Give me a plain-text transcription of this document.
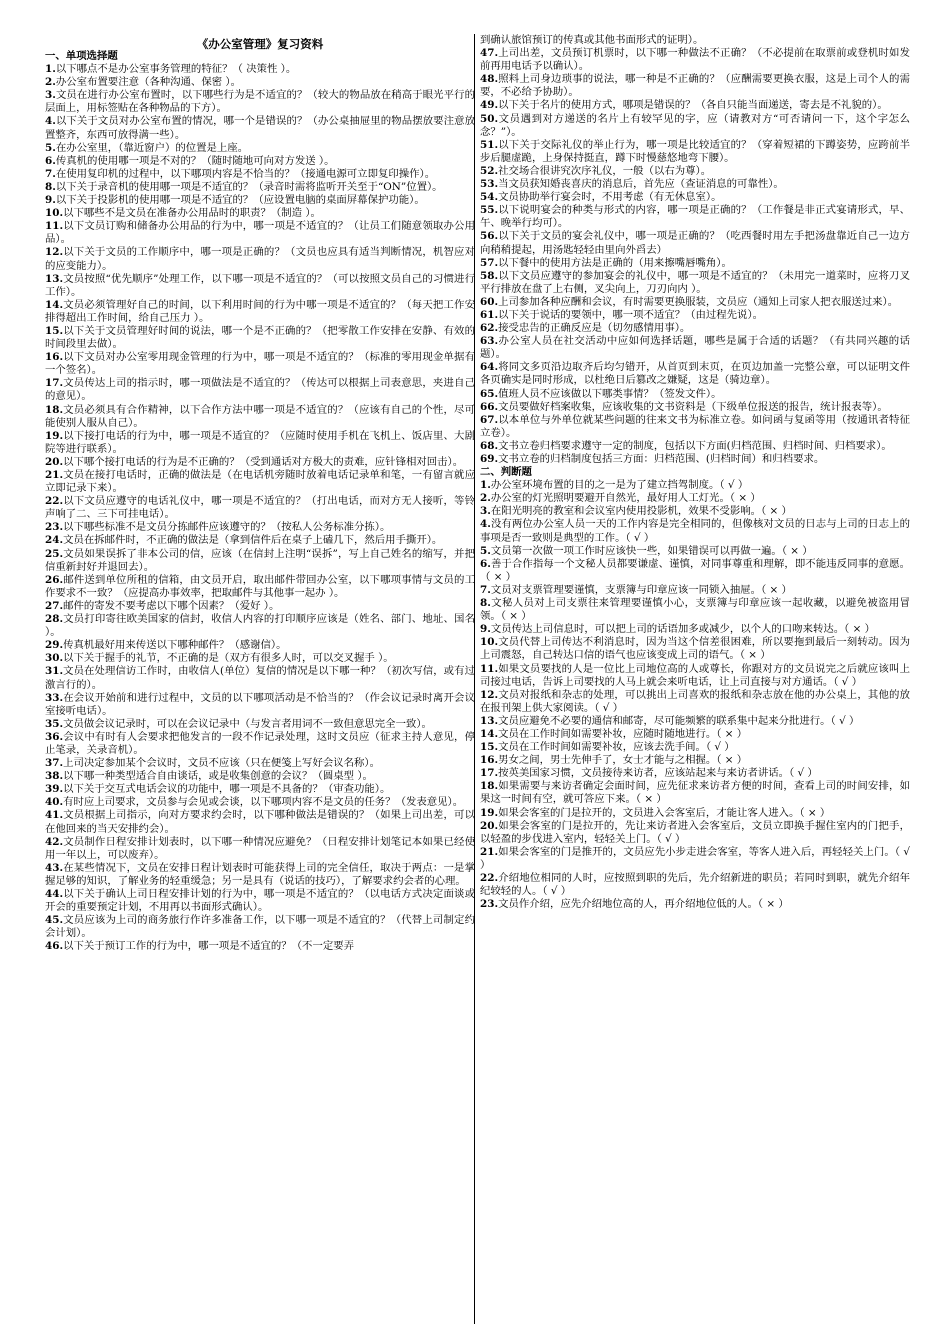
《办公室管理》复习资料

一、单项选择题

1.以下哪点不是办公室事务管理的特征？（ 决策性 ）。

2.办公室布置要注意（各种沟通、保密 ）。

3.文员在进行办公室布置时，以下哪些行为是不适宜的？（较大的物品放在稍高于眼光平行的层面上，用标签贴在各种物品的下方）。

4.以下关于文员对办公室布置的情况，哪一个是错误的？（办公桌抽屉里的物品摆放要注意放置整齐，东西可放得满一些）。

5.在办公室里，（靠近窗户）的位置是上座。

6.传真机的使用哪一项是不对的？（随时随地可向对方发送 ）。

7.在使用复印机的过程中，以下哪项内容是不恰当的？（接通电源可立即复印操作）。

8.以下关于录音机的使用哪一项是不适宜的？（录音时需将监听开关至于“ON”位置）。

9.以下关于投影机的使用哪一项是不适宜的？（应设置电脑的桌面屏幕保护功能）。

10.以下哪些不是文员在准备办公用品时的职责？（制造 ）。

11.以下文员订购和储备办公用品的行为中，哪一项是不适宜的？（让员工们随意领取办公用品）。

12.以下关于文员的工作顺序中，哪一项是正确的？（文员也应具有适当判断情况，机智应对的应变能力）。

13.文员按照“优先顺序”处理工作，以下哪一项是不适宜的？（可以按照文员自己的习惯进行工作）。

14.文员必须管理好自己的时间，以下利用时间的行为中哪一项是不适宜的？（每天把工作安排得超出工作时间，给自己压力 ）。

15.以下关于文员管理好时间的说法，哪一个是不正确的？（把零散工作安排在安静、有效的时间段里去做）。

16.以下文员对办公室零用现金管理的行为中，哪一项是不适宜的？（标准的零用现金单据有一个签名）。

17.文员传达上司的指示时，哪一项做法是不适宜的？（传达可以根据上司表意思，夹进自己的意见）。

18.文员必须具有合作精神，以下合作方法中哪一项是不适宜的？（应该有自己的个性，尽可能使别人服从自己）。

19.以下接打电话的行为中，哪一项是不适宜的？（应随时使用手机在飞机上、饭店里、大剧院等进行联系）。

20.以下哪个接打电话的行为是不正确的？（受到通话对方极大的责难，应针锋相对回击）。

21.文员在接打电话时，正确的做法是（在电话机旁随时放着电话记录单和笔，一有留言就应立即记录下来）。

22.以下文员应遵守的电话礼仪中，哪一项是不适宜的？（打出电话，而对方无人接听，等铃声响了二、三下可挂电话）。

23.以下哪些标准不是文员分拣邮件应该遵守的？（按私人公务标准分拣）。

24.文员在拆邮件时，不正确的做法是（拿到信件后在桌子上磕几下，然后用手撕开）。

25.文员如果误拆了非本公司的信，应该（在信封上注明“误拆”，写上自己姓名的缩写，并把信重新封好并退回去）。

26.邮件送到单位所租的信箱，由文员开启，取出邮件带回办公室，以下哪项事情与文员的工作要求不一致？（应提高办事效率，把取邮件与其他事一起办 ）。

27.邮件的寄发不要考虑以下哪个因素？（爱好 ）。

28.文员打印寄往欧美国家的信封，收信人内容的打印顺序应该是（姓名、部门、地址、国名 ）。

29.传真机最好用来传送以下哪种邮件？（感谢信）。

30.以下关于握手的礼节，不正确的是（双方有很多人时，可以交叉握手 ）。

31.文员在处理信访工作时，由收信人(单位）复信的情况是以下哪一种？（初次写信，或有过激言行的）。

33.在会议开始前和进行过程中，文员的以下哪项活动是不恰当的？（作会议记录时离开会议室接听电话）。

35.文员做会议记录时，可以在会议记录中（与发言者用词不一致但意思完全一致）。

36.会议中有时有人会要求把他发言的一段不作记录处理，这时文员应（征求主持人意见，停止笔录，关录音机）。

37.上司决定参加某个会议时，文员不应该（只在便笺上写好会议名称）。

38.以下哪一种类型适合自由谈话，或是收集创意的会议？（圆桌型 ）。

39.以下关于交互式电话会议的功能中，哪一项是不具备的？（审查功能）。

40.有时应上司要求，文员参与会见或会谈，以下哪项内容不是文员的任务？（发表意见）。

41.文员根据上司指示，向对方要求约会时，以下哪种做法是错误的？（如果上司出差，可以在他回来的当天安排约会）。

42.文员制作日程安排计划表时，以下哪一种情况应避免？（日程安排计划笔记本如果已经使用一年以上，可以废弃）。

43.在某些情况下，文员在安排日程计划表时可能获得上司的完全信任，取决于两点：一是掌握足够的知识，了解业务的轻重缓急；另一是具有（说话的技巧），了解要求约会者的心理。

44.以下关于确认上司日程安排计划的行为中，哪一项是不适宜的？（以电话方式决定面谈或开会的重要预定计划，不用再以书面形式确认）。

45.文员应该为上司的商务旅行作许多准备工作，以下哪一项是不适宜的？（代替上司制定约会计划）。

46.以下关于预订工作的行为中，哪一项是不适宜的？（不一定要弄

到确认旅馆预订的传真或其他书面形式的证明）。

47.上司出差，文员预订机票时，以下哪一种做法不正确？（不必提前在取票前或登机时如发前再用电话予以确认）。

48.照料上司身边琐事的说法，哪一种是不正确的？（应酬需要更换衣服，这是上司个人的需要，不必给予协助）。

49.以下关于名片的使用方式，哪项是错误的？（各自只能当面递送，寄去是不礼貌的）。

50.文员遇到对方递送的名片上有较罕见的字，应（请教对方“可否请问一下，这个字怎么念？”）。

51.以下关于交际礼仪的举止行为，哪一项是比较适宜的？（穿着短裙的下蹲姿势，应跨前半步后腿虚跪，上身保持挺直，蹲下时慢慈悠地弯下腰）。

52.社交场合很讲究次序礼仪，一般（以右为尊）。

53.当文员获知婚丧喜庆的消息后，首先应（查证消息的可靠性）。

54.文员协助举行宴会时，不用考虑（有无休息室）。

55.以下说明宴会的种类与形式的内容，哪一项是正确的？（工作餐是非正式宴请形式，早、午、晚举行均可）。

56.以下关于文员的宴会礼仪中，哪一项是正确的？（吃西餐时用左手把汤盘靠近自己一边方向稍稍提起，用汤匙轻轻由里向外舀去）

57.以下餐中的使用方法是正确的（用来擦嘴唇嘴角）。

58.以下文员应遵守的参加宴会的礼仪中，哪一项是不适宜的？（未用完一道菜时，应将刀叉平行排放在盘了上右侧，叉尖向上，刀刃向内 ）。

60.上司参加各种应酬和会议，有时需要更换服装，文员应（通知上司家人把衣服送过来）。

61.以下关于说话的要领中，哪一项不适宜？（由过程先说）。

62.接受忠告的正确反应是（切勿感情用事）。

63.办公室人员在社交活动中应如何选择话题，哪些是属于合适的话题？（有共同兴趣的话题）。

64.将同文多页沿边取齐后均匀错开，从首页到末页，在页边加盖一完整公章，可以证明文件各页确实是同时形成，以杜绝日后篡改之嫌疑，这是（骑边章）。

65.值班人员不应该做以下哪类事情？（签发文件）。

66.文员要做好档案收集，应该收集的文书资料是（下级单位报送的报告，统计报表等）。

67.以本单位与外单位就某些问题的往来文书为标准立卷。如问函与复函等用（按通讯者特征立卷）。

68.文书立卷归档要求遵守一定的制度，包括以下方面(归档范围、归档时间、归档要求）。

69.文书立卷的归档制度包括三方面：归档范围、(归档时间）和归档要求。

二、判断题

1.办公室环境布置的目的之一是为了建立挡驾制度。（ √ ）

2.办公室的灯光照明要避开自然光，最好用人工灯光。（ × ）

3.在阳光明亮的教室和会议室内使用投影机，效果不受影响。（ × ）

4.没有两位办公室人员一天的工作内容是完全相同的，但像核对文员的日志与上司的日志上的事项是否一致则是典型的工作。（ √ ）

5.文员第一次做一项工作时应该快一些，如果错误可以再做一遍。（ × ）

6.善于合作指每一个文秘人员都要谦虚、谨慎，对同事尊重和理解，即不能违反同事的意愿。（ × ）

7.文员对支票管理要谨慎，支票簿与印章应该一同锁入抽屉。（ × ）

8.文秘人员对上司支票往来管理要谨慎小心，支票簿与印章应该一起收藏，以避免被盗用冒领。（ × ）

9.文员传达上司信息时，可以把上司的话语加多或减少，以个人的口吻来转达。（ × ）

10.文员代替上司传达不利消息时，因为当这个信差很困难，所以要拖到最后一刻转动。因为上司震怒，自己转达口信的语气也应该变成上司的语气。（ × ）

11.如果文员要找的人是一位比上司地位高的人或尊长，你跟对方的文员说完之后就应该叫上司接过电话，告诉上司要找的人马上就会来听电话，让上司直接与对方通话。（ √ ）

12.文员对报纸和杂志的处理，可以挑出上司喜欢的报纸和杂志放在他的办公桌上，其他的放在报刊架上供大家阅读。（ √ ）

13.文员应避免不必要的通信和邮寄，尽可能频繁的联系集中起来分批进行。（ √ ）

14.文员在工作时间如需要补妆，应随时随地进行。（ × ）

15.文员在工作时间如需要补妆，应该去洗手间。（ √ ）

16.男女之间，男士先伸手了，女士才能与之相握。（ × ）

17.按英美国家习惯，文员接待来访者，应该站起来与来访者讲话。（ √ ）

18.如果需要与来访者确定会面时间，应先征求来访者方便的时间，查看上司的时间安排，如果这一时间有空，就可答应下来。（ × ）

19.如果会客室的门是拉开的，文员进入会客室后，才能让客人进入。（ × ）

20.如果会客室的门是拉开的，先让来访者进入会客室后，文员立即换手握住室内的门把手，以轻盈的步伐进入室内，轻轻关上门。（ √ ）

21.如果会客室的门是推开的，文员应先小步走进会客室，等客人进入后，再轻轻关上门。（ √ ）

22.介绍地位相同的人时，应按照到职的先后，先介绍新进的职员；若同时到职，就先介绍年纪较轻的人。（ √ ）

23.文员作介绍，应先介绍地位高的人，再介绍地位低的人。（ × ）
